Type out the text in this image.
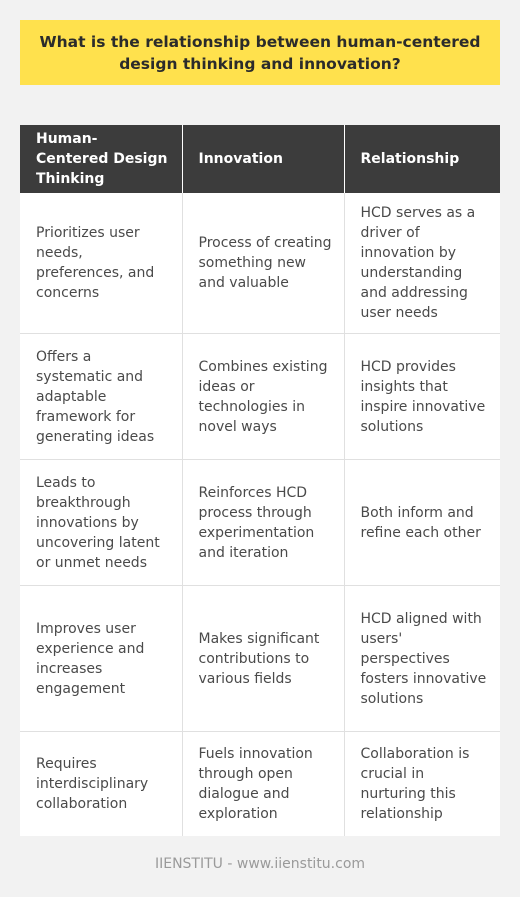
What is the relationship between human-centered design thinking and innovation?
Human-Centered Design Thinking	Innovation	Relationship
Prioritizes user needs, preferences, and concerns	Process of creating something new and valuable	HCD serves as a driver of innovation by understanding and addressing user needs
Offers a systematic and adaptable framework for generating ideas	Combines existing ideas or technologies in novel ways	HCD provides insights that inspire innovative solutions
Leads to breakthrough innovations by uncovering latent or unmet needs	Reinforces HCD process through experimentation and iteration	Both inform and refine each other
Improves user experience and increases engagement	Makes significant contributions to various fields	HCD aligned with users' perspectives fosters innovative solutions
Requires interdisciplinary collaboration	Fuels innovation through open dialogue and exploration	Collaboration is crucial in nurturing this relationship
IIENSTITU - www.iienstitu.com
